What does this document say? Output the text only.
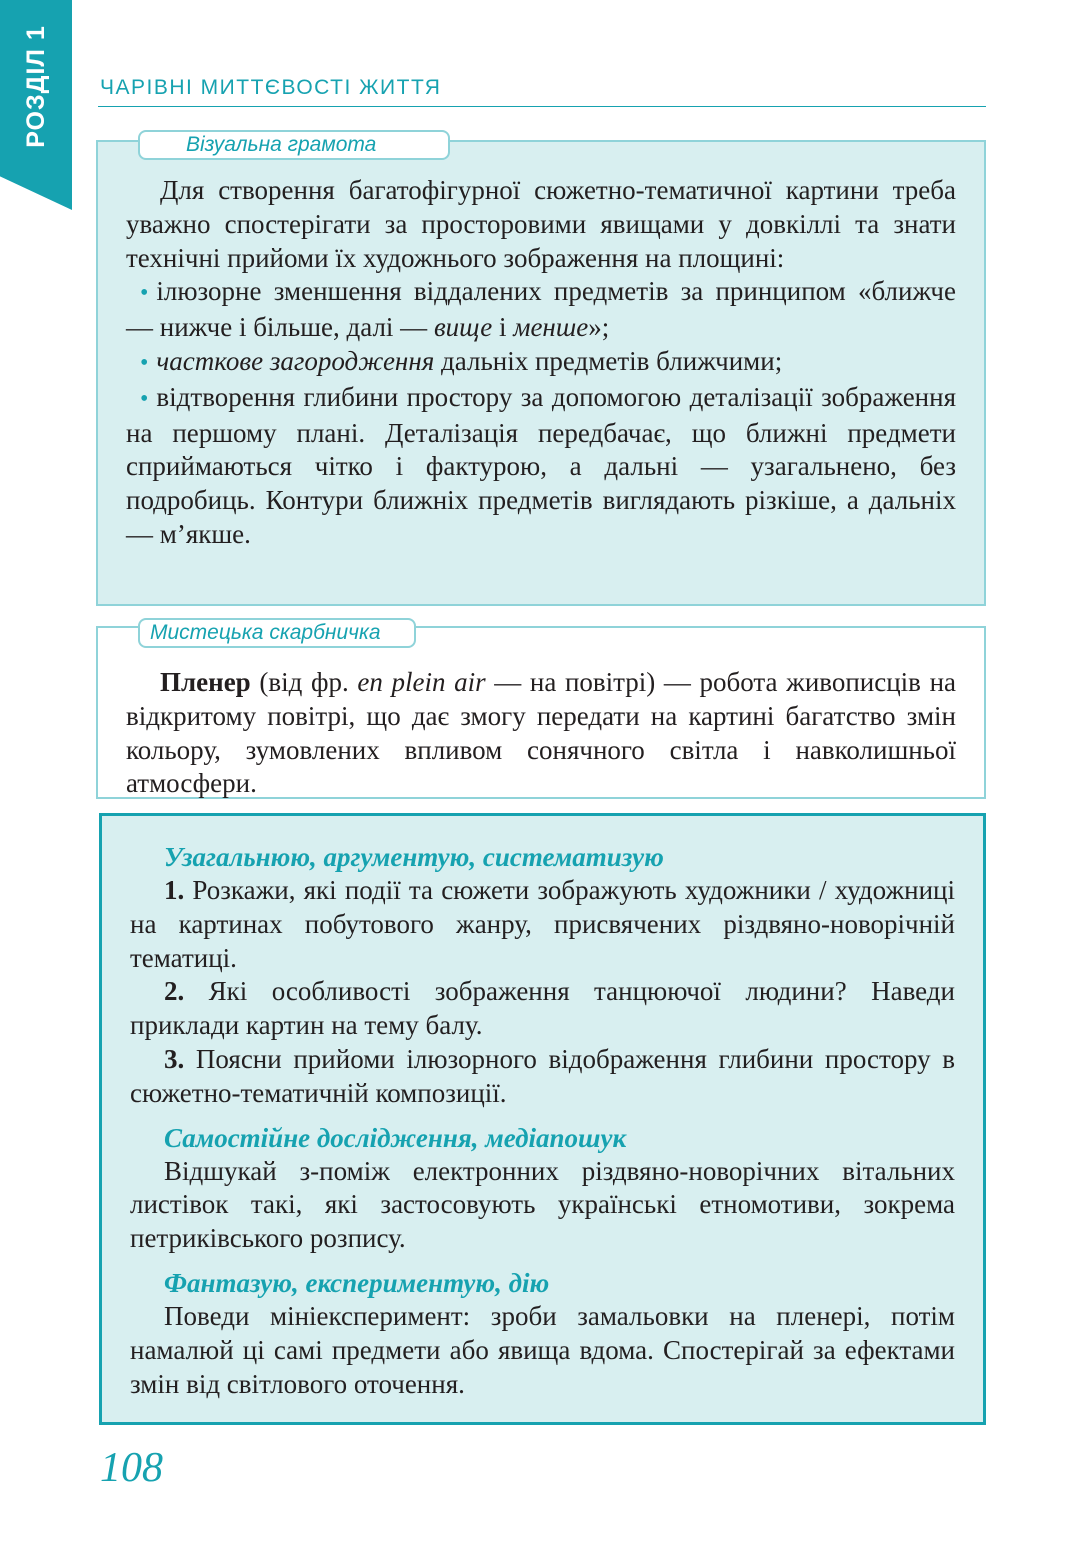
РОЗДІЛ 1 ЧАРІВНІ МИТТЄВОСТІ ЖИТТЯ

Для створення багатофігурної сюжетно-тематичної картини треба уважно спостерігати за просторовими явищами у довкіллі та знати технічні прийоми їх художнього зображення на площині:

• ілюзорне зменшення віддалених предметів за принципом «ближче — нижче і більше, далі — вище і менше»;

• часткове загородження дальніх предметів ближчими;

• відтворення глибини простору за допомогою деталізації зображення на першому плані. Деталізація передбачає, що ближні предмети сприймаються чітко і фактурою, а дальні — узагальнено, без подробиць. Контури ближніх предметів виглядають різкіше, а дальніх — м’якше.

Візуальна грамота

Пленер (від фр. en plein air — на повітрі) — робота живописців на відкритому повітрі, що дає змогу передати на картині багатство змін кольору, зумовлених впливом сонячного світла і навколишньої атмосфери.

Мистецька скарбничка

Узагальнюю, аргументую, систематизую

1. Розкажи, які події та сюжети зображують художники / художниці на картинах побутового жанру, присвячених різдвяно-новорічній тематиці.

2. Які особливості зображення танцюючої людини? Наведи приклади картин на тему балу.

3. Поясни прийоми ілюзорного відображення глибини простору в сюжетно-тематичній композиції.

Самостійне дослідження, медіапошук

Відшукай з-поміж електронних різдвяно-новорічних вітальних листівок такі, які застосовують українські етномотиви, зокрема петриківського розпису.

Фантазую, експериментую, дію

Поведи мініексперимент: зроби замальовки на пленері, потім намалюй ці самі предмети або явища вдома. Спостерігай за ефектами змін від світлового оточення.

108
